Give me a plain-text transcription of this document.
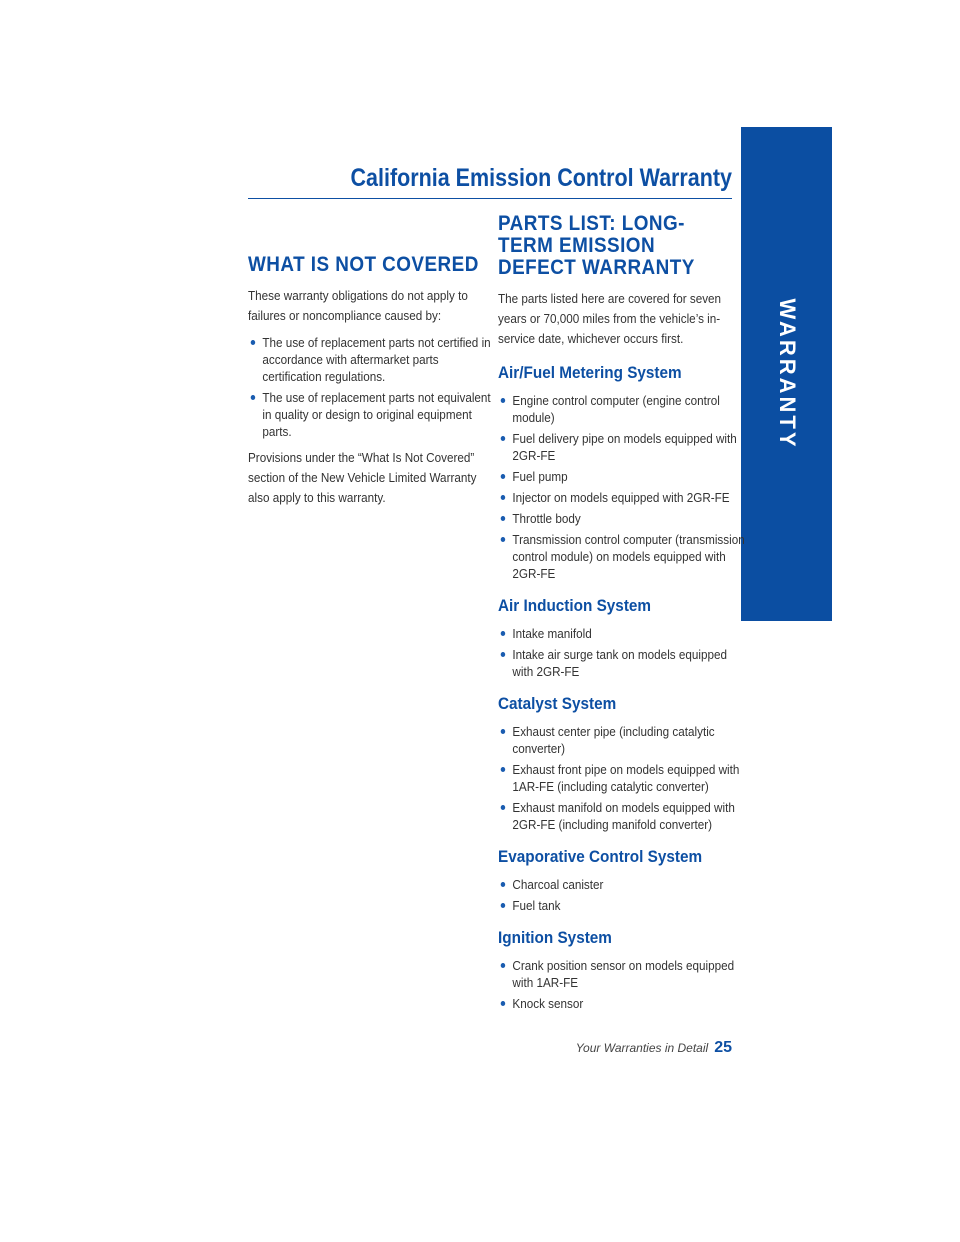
WARRANTY
California Emission Control Warranty
WHAT IS NOT COVERED

These warranty obligations do not apply to failures or noncompliance caused by:

The use of replacement parts not certified in accordance with aftermarket parts certification regulations.
The use of replacement parts not equivalent in quality or design to original equipment parts.

Provisions under the “What Is Not Covered” section of the New Vehicle Limited Warranty also apply to this warranty.

PARTS LIST: LONG-TERM EMISSION DEFECT WARRANTY

The parts listed here are covered for seven years or 70,000 miles from the vehicle’s in-service date, whichever occurs first.

Air/Fuel Metering System
Engine control computer (engine control module)
Fuel delivery pipe on models equipped with 2GR-FE
Fuel pump
Injector on models equipped with 2GR-FE
Throttle body
Transmission control computer (transmission control module) on models equipped with 2GR-FE
Air Induction System
Intake manifold
Intake air surge tank on models equipped with 2GR-FE
Catalyst System
Exhaust center pipe (including catalytic converter)
Exhaust front pipe on models equipped with 1AR-FE (including catalytic converter)
Exhaust manifold on models equipped with 2GR-FE (including manifold converter)
Evaporative Control System
Charcoal canister
Fuel tank
Ignition System
Crank position sensor on models equipped with 1AR-FE
Knock sensor
Your Warranties in Detail 25
